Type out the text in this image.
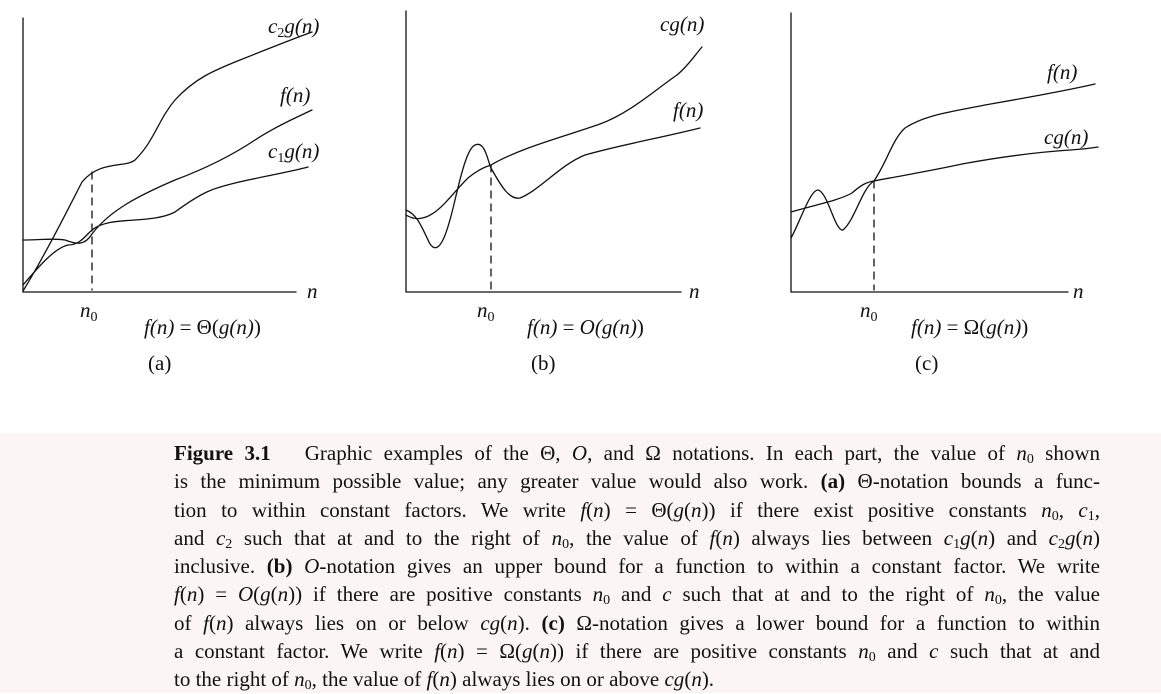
c2g(n)
f(n)
c1g(n)
n
n0 f(n) = Θ(g(n))
(a)
cg(n)
f(n)
n
n0 f(n) = O(g(n))
(b)
f(n)
cg(n)
n
n0 f(n) = Ω(g(n))
(c)
Figure 3.1   Graphic examples of the Θ, O, and Ω notations. In each part, the value of $n_0$ shown
is the minimum possible value; any greater value would also work. (a) Θ-notation bounds a func-
tion to within constant factors. We write f(n) = Θ(g(n)) if there exist positive constants $n_0$, $c_1$,
and $c_2$ such that at and to the right of $n_0$, the value of f(n) always lies between $c_1g(n)$ and $c_2g(n)$
inclusive. (b) O-notation gives an upper bound for a function to within a constant factor. We write
f(n) = O(g(n)) if there are positive constants $n_0$ and c such that at and to the right of $n_0$, the value
of f(n) always lies on or below cg(n). (c) Ω-notation gives a lower bound for a function to within
a constant factor. We write f(n) = Ω(g(n)) if there are positive constants $n_0$ and c such that at and
to the right of $n_0$, the value of f(n) always lies on or above cg(n).
